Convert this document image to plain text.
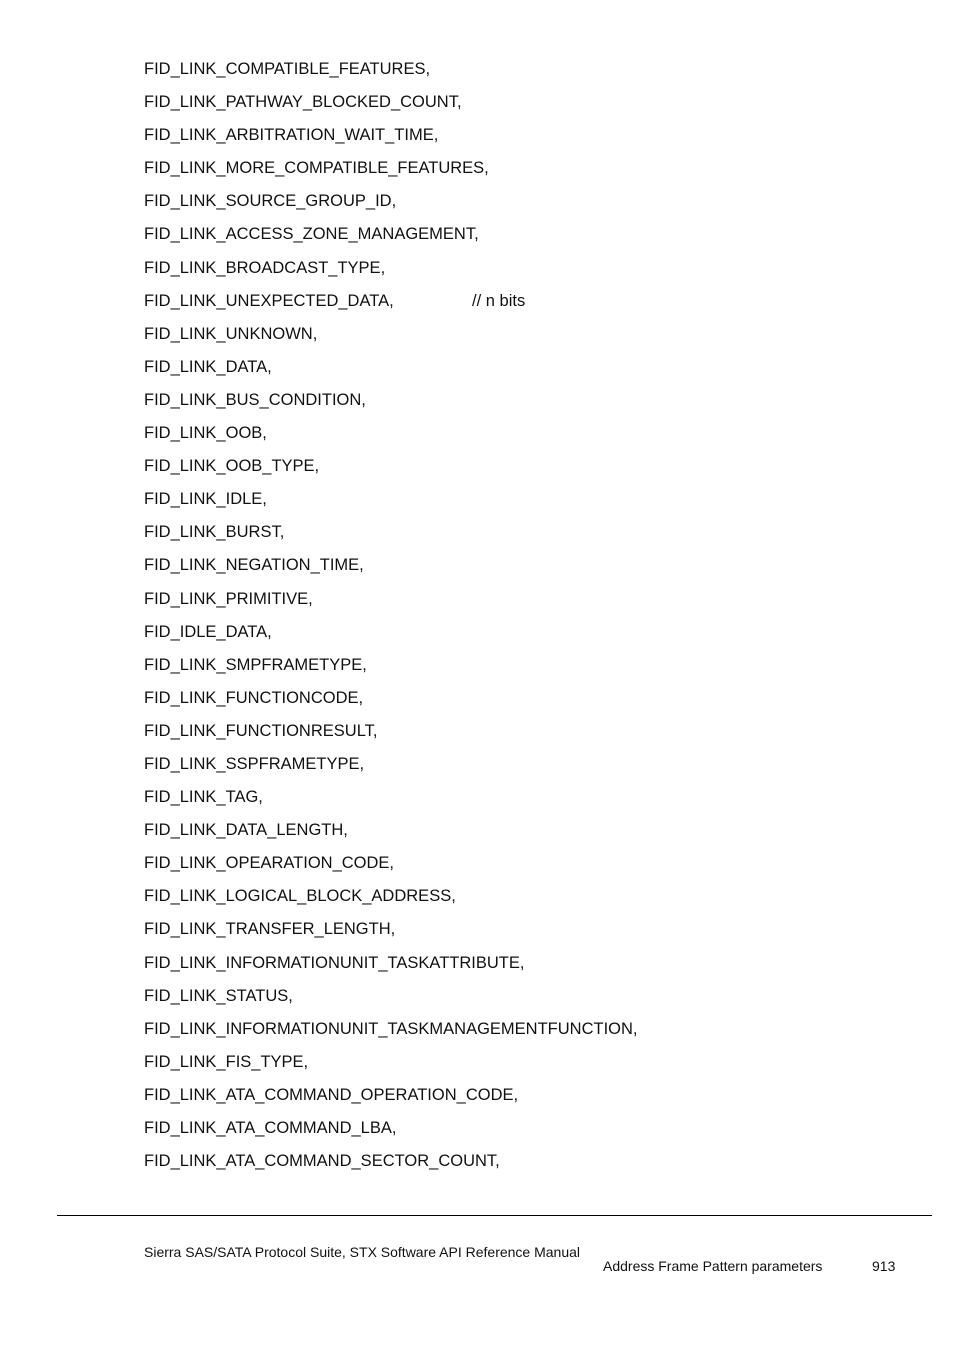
FID_LINK_COMPATIBLE_FEATURES,
FID_LINK_PATHWAY_BLOCKED_COUNT,
FID_LINK_ARBITRATION_WAIT_TIME,
FID_LINK_MORE_COMPATIBLE_FEATURES,
FID_LINK_SOURCE_GROUP_ID,
FID_LINK_ACCESS_ZONE_MANAGEMENT,
FID_LINK_BROADCAST_TYPE,
FID_LINK_UNEXPECTED_DATA,	// n bits
FID_LINK_UNKNOWN,
FID_LINK_DATA,
FID_LINK_BUS_CONDITION,
FID_LINK_OOB,
FID_LINK_OOB_TYPE,
FID_LINK_IDLE,
FID_LINK_BURST,
FID_LINK_NEGATION_TIME,
FID_LINK_PRIMITIVE,
FID_IDLE_DATA,
FID_LINK_SMPFRAMETYPE,
FID_LINK_FUNCTIONCODE,
FID_LINK_FUNCTIONRESULT,
FID_LINK_SSPFRAMETYPE,
FID_LINK_TAG,
FID_LINK_DATA_LENGTH,
FID_LINK_OPEARATION_CODE,
FID_LINK_LOGICAL_BLOCK_ADDRESS,
FID_LINK_TRANSFER_LENGTH,
FID_LINK_INFORMATIONUNIT_TASKATTRIBUTE,
FID_LINK_STATUS,
FID_LINK_INFORMATIONUNIT_TASKMANAGEMENTFUNCTION,
FID_LINK_FIS_TYPE,
FID_LINK_ATA_COMMAND_OPERATION_CODE,
FID_LINK_ATA_COMMAND_LBA,
FID_LINK_ATA_COMMAND_SECTOR_COUNT,
Sierra SAS/SATA Protocol Suite, STX Software API Reference Manual
Address Frame Pattern parameters	913
